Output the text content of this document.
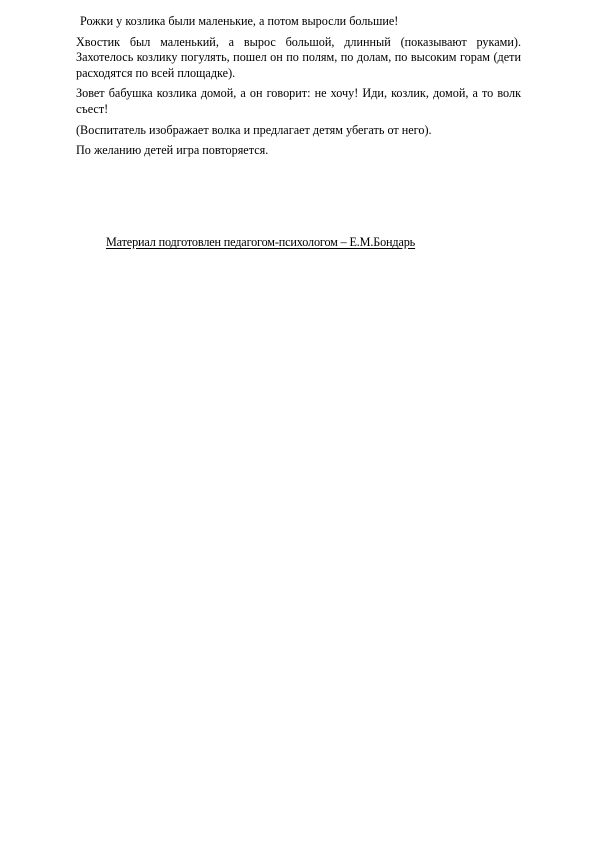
Рожки у козлика были маленькие, а потом выросли большие!

Хвостик был маленький, а вырос большой, длинный (показывают руками). Захотелось козлику погулять, пошел он по полям, по долам, по высоким горам (дети расходятся по всей площадке).

Зовет бабушка козлика домой, а он говорит: не хочу! Иди, козлик, домой, а то волк съест!

(Воспитатель изображает волка и предлагает детям убегать от него).

По желанию детей игра повторяется.

Материал подготовлен педагогом-психологом – Е.М.Бондарь
